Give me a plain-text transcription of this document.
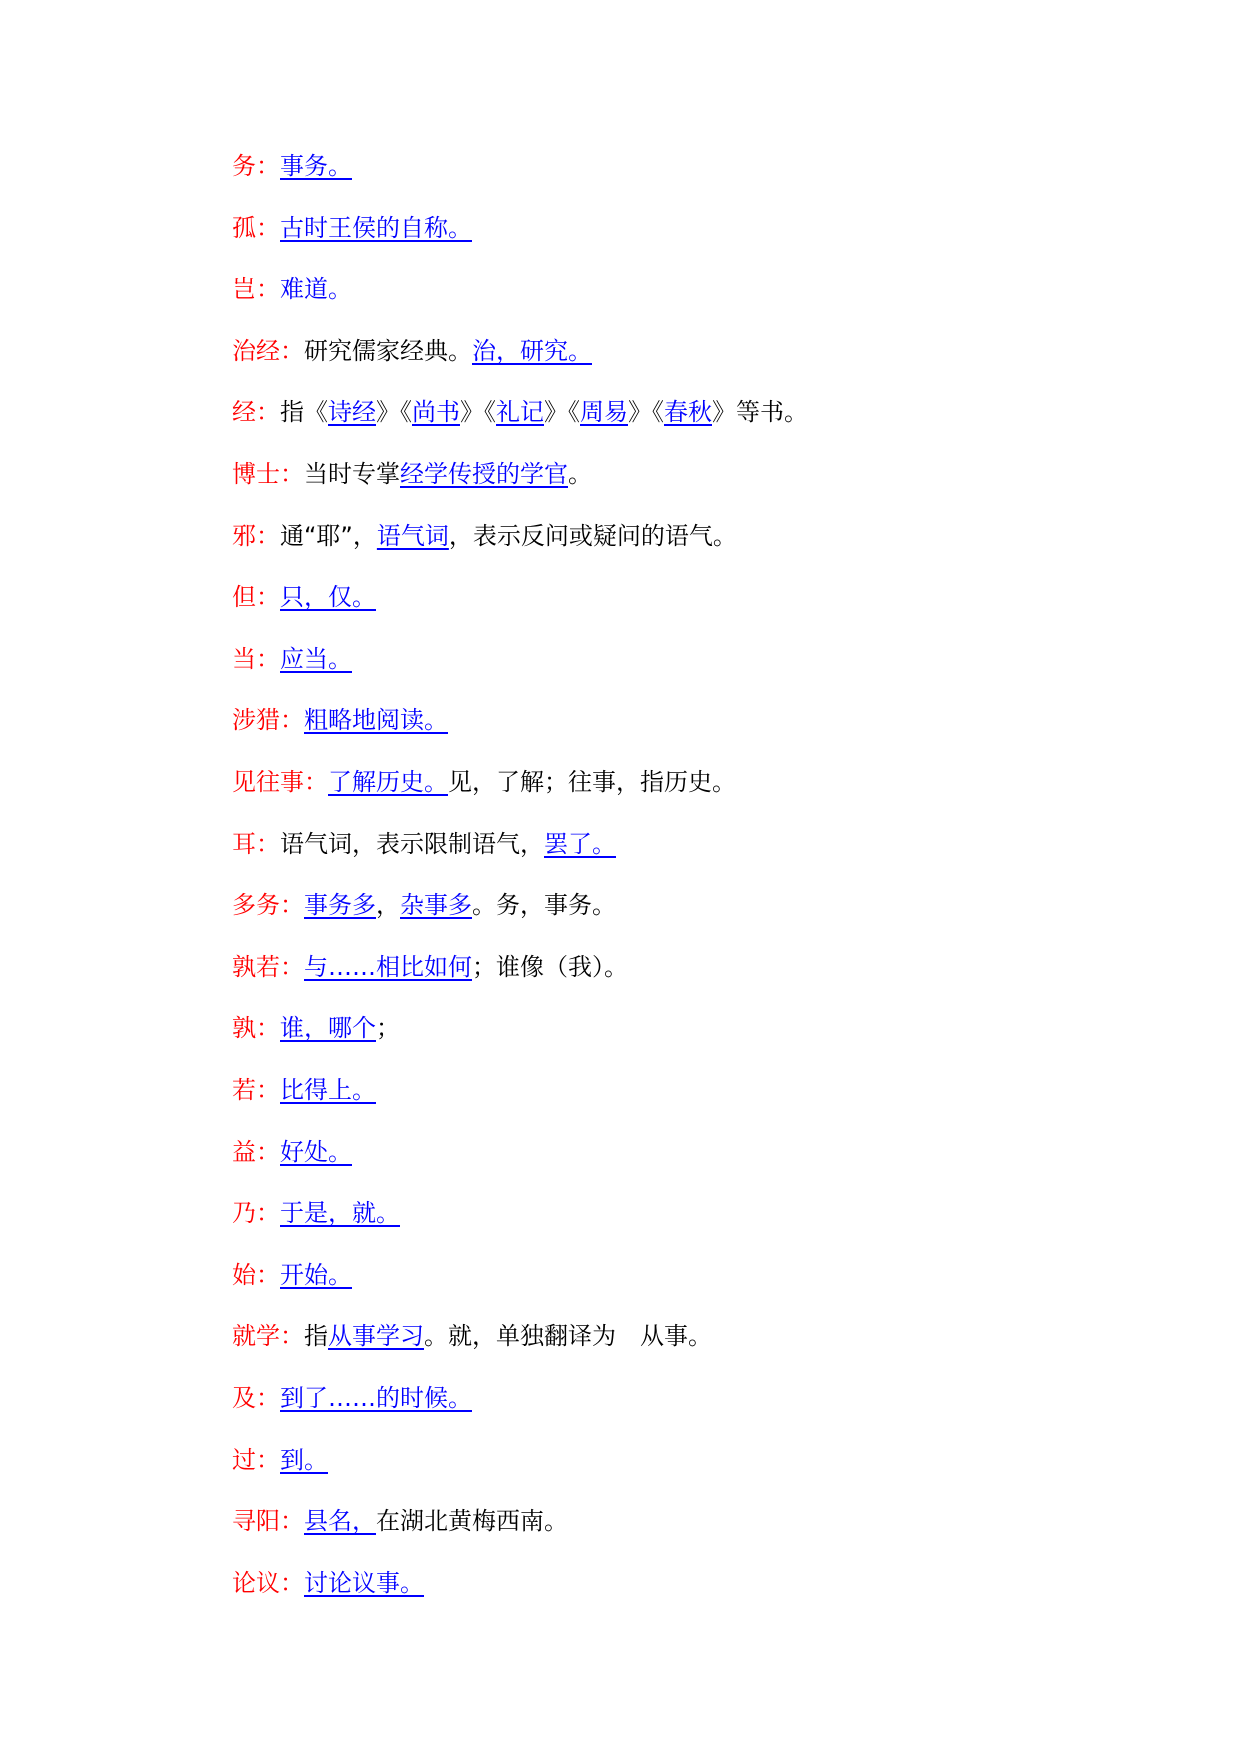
务：事务。
孤：古时王侯的自称。
岂：难道。
治经：研究儒家经典。治，研究。
经：指《诗经》《尚书》《礼记》《周易》《春秋》等书。
博士：当时专掌经学传授的学官。
邪：通“耶”，语气词，表示反问或疑问的语气。
但：只，仅。
当：应当。
涉猎：粗略地阅读。
见往事：了解历史。见，了解；往事，指历史。
耳：语气词，表示限制语气，罢了。
多务：事务多，杂事多。务，事务。
孰若：与……相比如何；谁像（我）。
孰：谁，哪个；
若：比得上。
益：好处。
乃：于是，就。
始：开始。
就学：指从事学习。就，单独翻译为　从事。
及：到了……的时候。
过：到。
寻阳：县名，在湖北黄梅西南。
论议：讨论议事。
